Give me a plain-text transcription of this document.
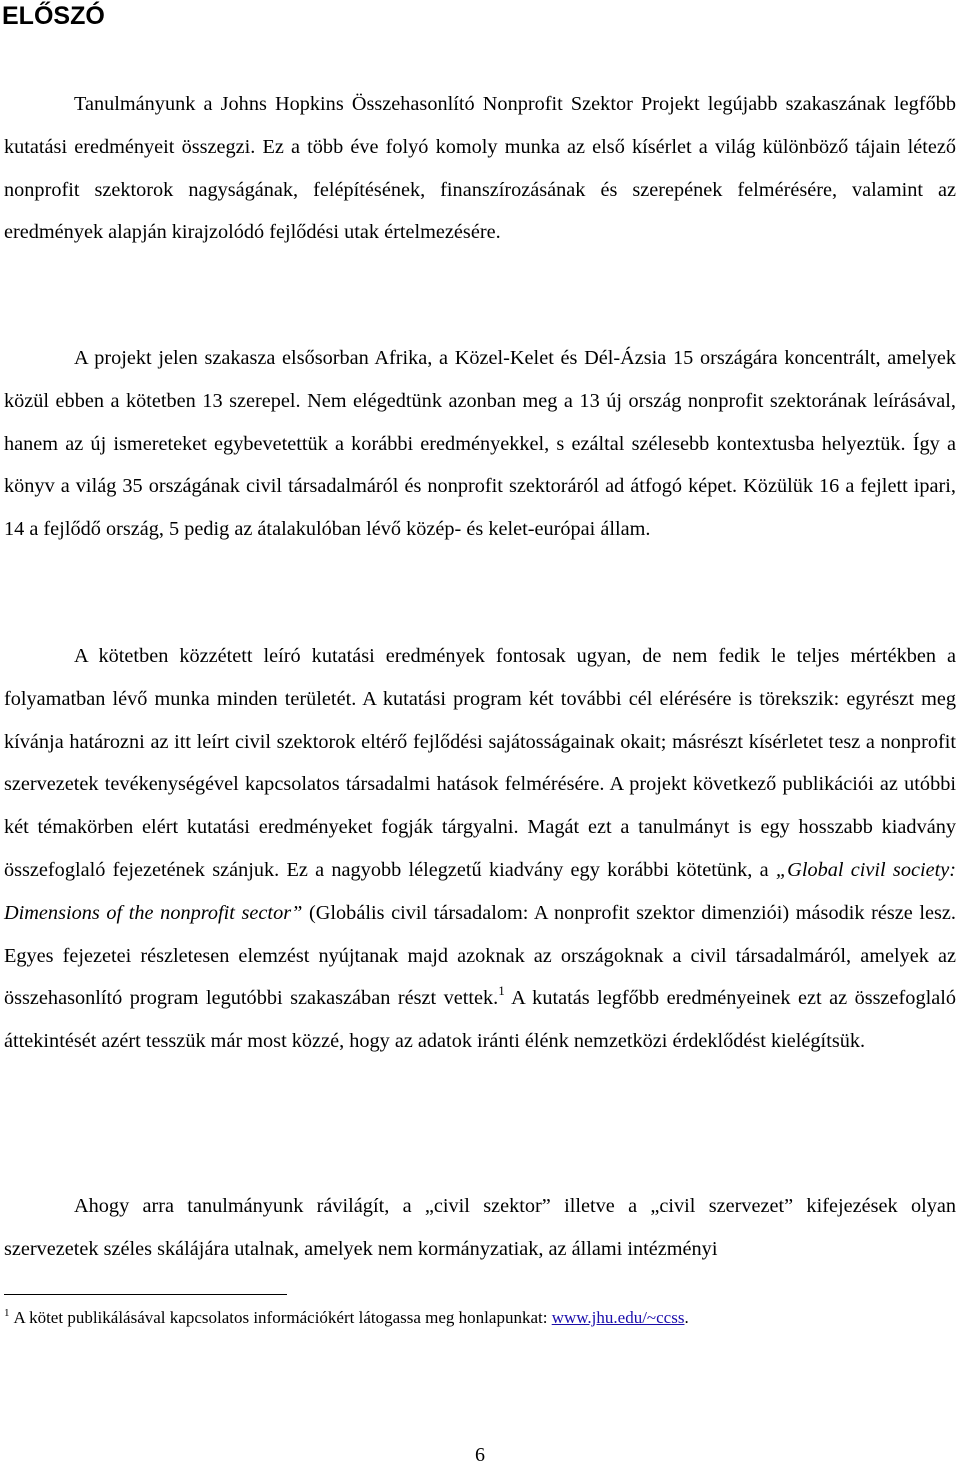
ELŐSZÓ

Tanulmányunk a Johns Hopkins Összehasonlító Nonprofit Szektor Projekt legújabb szakaszának legfőbb kutatási eredményeit összegzi. Ez a több éve folyó komoly munka az első kísérlet a világ különböző tájain létező nonprofit szektorok nagyságának, felépítésének, finanszírozásának és szerepének felmérésére, valamint az eredmények alapján kirajzolódó fejlődési utak értelmezésére.

A projekt jelen szakasza elsősorban Afrika, a Közel-Kelet és Dél-Ázsia 15 országára koncentrált, amelyek közül ebben a kötetben 13 szerepel. Nem elégedtünk azonban meg a 13 új ország nonprofit szektorának leírásával, hanem az új ismereteket egybevetettük a korábbi eredményekkel, s ezáltal szélesebb kontextusba helyeztük. Így a könyv a világ 35 országának civil társadalmáról és nonprofit szektoráról ad átfogó képet. Közülük 16 a fejlett ipari, 14 a fejlődő ország, 5 pedig az átalakulóban lévő közép- és kelet-európai állam.

A kötetben közzétett leíró kutatási eredmények fontosak ugyan, de nem fedik le teljes mértékben a folyamatban lévő munka minden területét. A kutatási program két további cél elérésére is törekszik: egyrészt meg kívánja határozni az itt leírt civil szektorok eltérő fejlődési sajátosságainak okait; másrészt kísérletet tesz a nonprofit szervezetek tevékenységével kapcsolatos társadalmi hatások felmérésére. A projekt következő publikációi az utóbbi két témakörben elért kutatási eredményeket fogják tárgyalni. Magát ezt a tanulmányt is egy hosszabb kiadvány összefoglaló fejezetének szánjuk. Ez a nagyobb lélegzetű kiadvány egy korábbi kötetünk, a „Global civil society: Dimensions of the nonprofit sector” (Globális civil társadalom: A nonprofit szektor dimenziói) második része lesz. Egyes fejezetei részletesen elemzést nyújtanak majd azoknak az országoknak a civil társadalmáról, amelyek az összehasonlító program legutóbbi szakaszában részt vettek.$^1$ A kutatás legfőbb eredményeinek ezt az összefoglaló áttekintését azért tesszük már most közzé, hogy az adatok iránti élénk nemzetközi érdeklődést kielégítsük.

Ahogy arra tanulmányunk rávilágít, a „civil szektor” illetve a „civil szervezet” kifejezések olyan szervezetek széles skálájára utalnak, amelyek nem kormányzatiak, az állami intézményi

$^1$ A kötet publikálásával kapcsolatos információkért látogassa meg honlapunkat: www.jhu.edu/~ccss.

6
